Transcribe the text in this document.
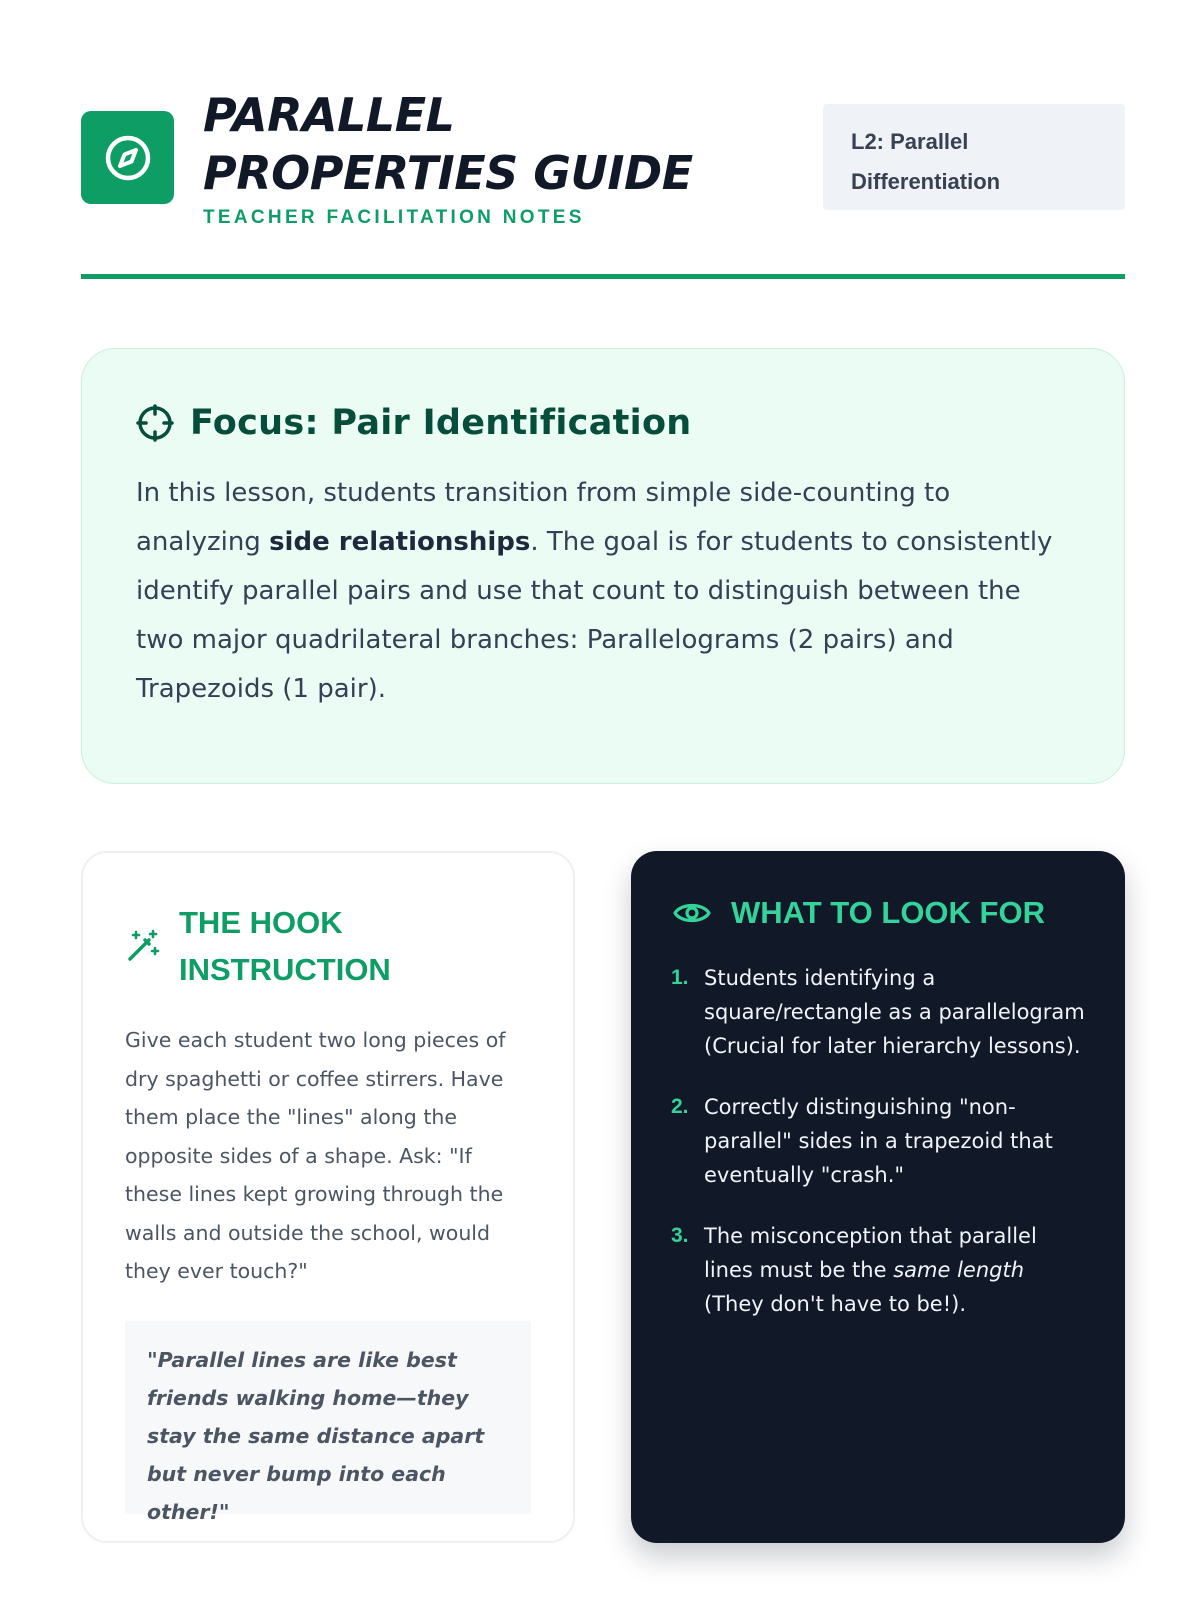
PARALLEL
PROPERTIES GUIDE
TEACHER FACILITATION NOTES
L2: Parallel
Differentiation
Focus: Pair Identification

In this lesson, students transition from simple side-counting to analyzing side relationships. The goal is for students to consistently identify parallel pairs and use that count to distinguish between the two major quadrilateral branches: Parallelograms (2 pairs) and Trapezoids (1 pair).

THE HOOK INSTRUCTION

Give each student two long pieces of dry spaghetti or coffee stirrers. Have them place the "lines" along the opposite sides of a shape. Ask: "If these lines kept growing through the walls and outside the school, would they ever touch?"

"Parallel lines are like best friends walking home—they stay the same distance apart but never bump into each other!"
WHAT TO LOOK FOR
1. Students identifying a square/rectangle as a parallelogram (Crucial for later hierarchy lessons).
2. Correctly distinguishing "non-parallel" sides in a trapezoid that eventually "crash."
3. The misconception that parallel lines must be the same length (They don't have to be!).
